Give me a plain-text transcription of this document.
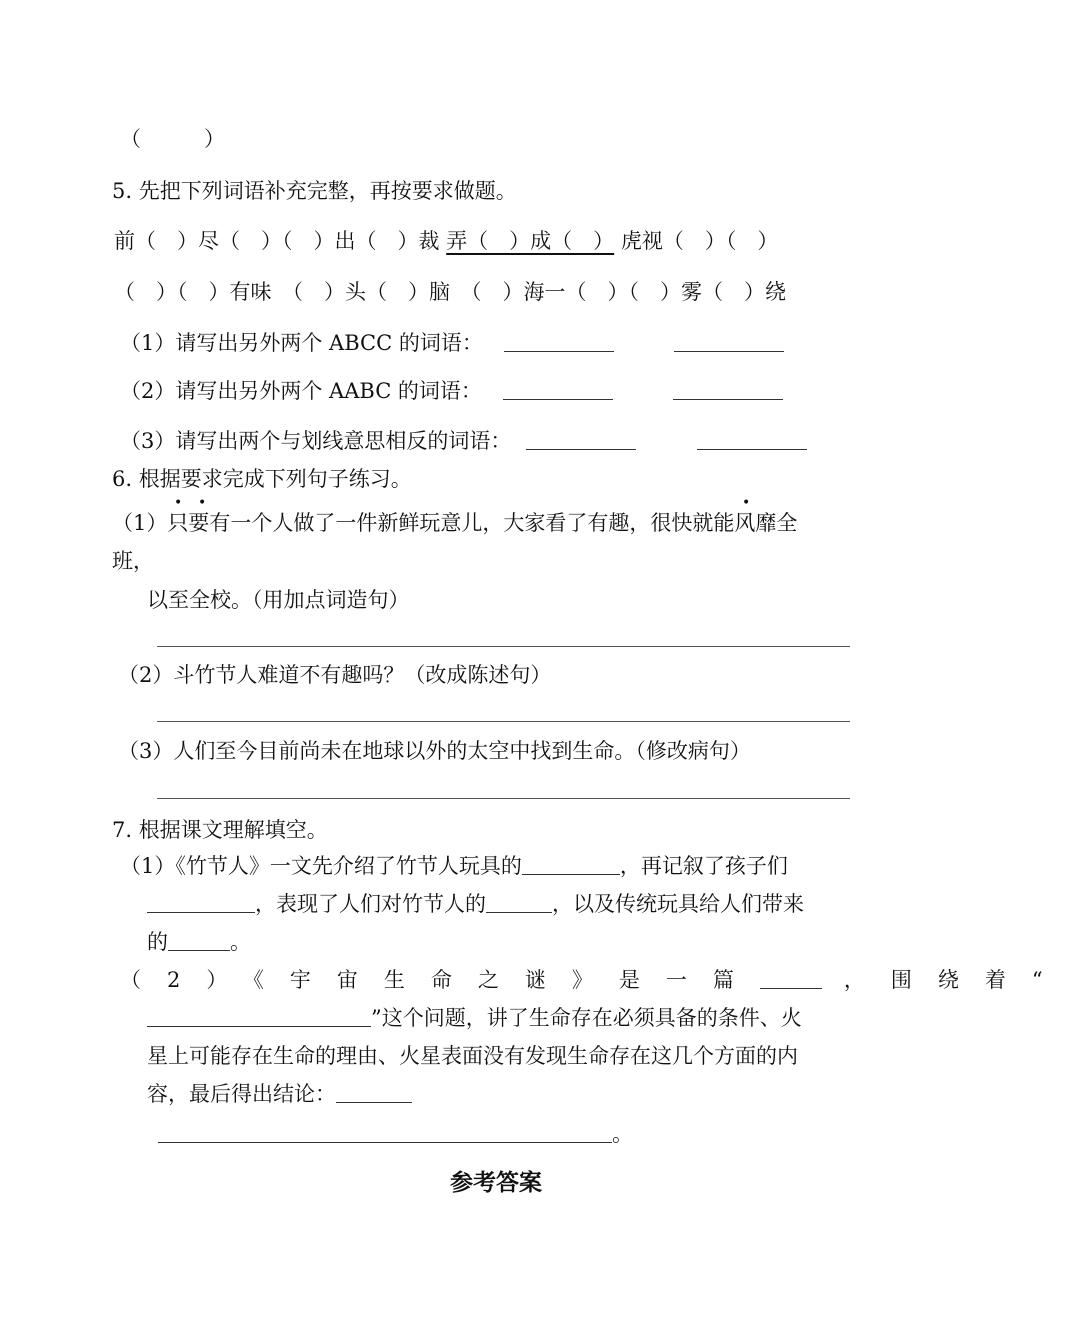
（　　　）
5. 先把下列词语补充完整，再按要求做题。
前（　）尽（　）（　）出（　）裁 弄（　）成（　） 虎视（　）（　）
（　）（　）有味　（　）头（　）脑　（　）海一（　）（　）雾（　）绕
（1）请写出另外两个 ABCC 的词语：
（2）请写出另外两个 AABC 的词语：
（3）请写出两个与划线意思相反的词语：
6. 根据要求完成下列句子练习。
• •	•
（1）只要有一个人做了一件新鲜玩意儿，大家看了有趣，很快就能风靡全
班，
以至全校。（用加点词造句）
（2）斗竹节人难道不有趣吗？（改成陈述句）
（3）人们至今目前尚未在地球以外的太空中找到生命。（修改病句）
7. 根据课文理解填空。
（1）《竹节人》一文先介绍了竹节人玩具的	，再记叙了孩子们
，表现了人们对竹节人的	，以及传统玩具给人们带来
的	。
（2）《宇宙生命之谜》是一篇	，围绕着“
”这个问题，讲了生命存在必须具备的条件、火
星上可能存在生命的理由、火星表面没有发现生命存在这几个方面的内
容，最后得出结论：
。
参考答案
